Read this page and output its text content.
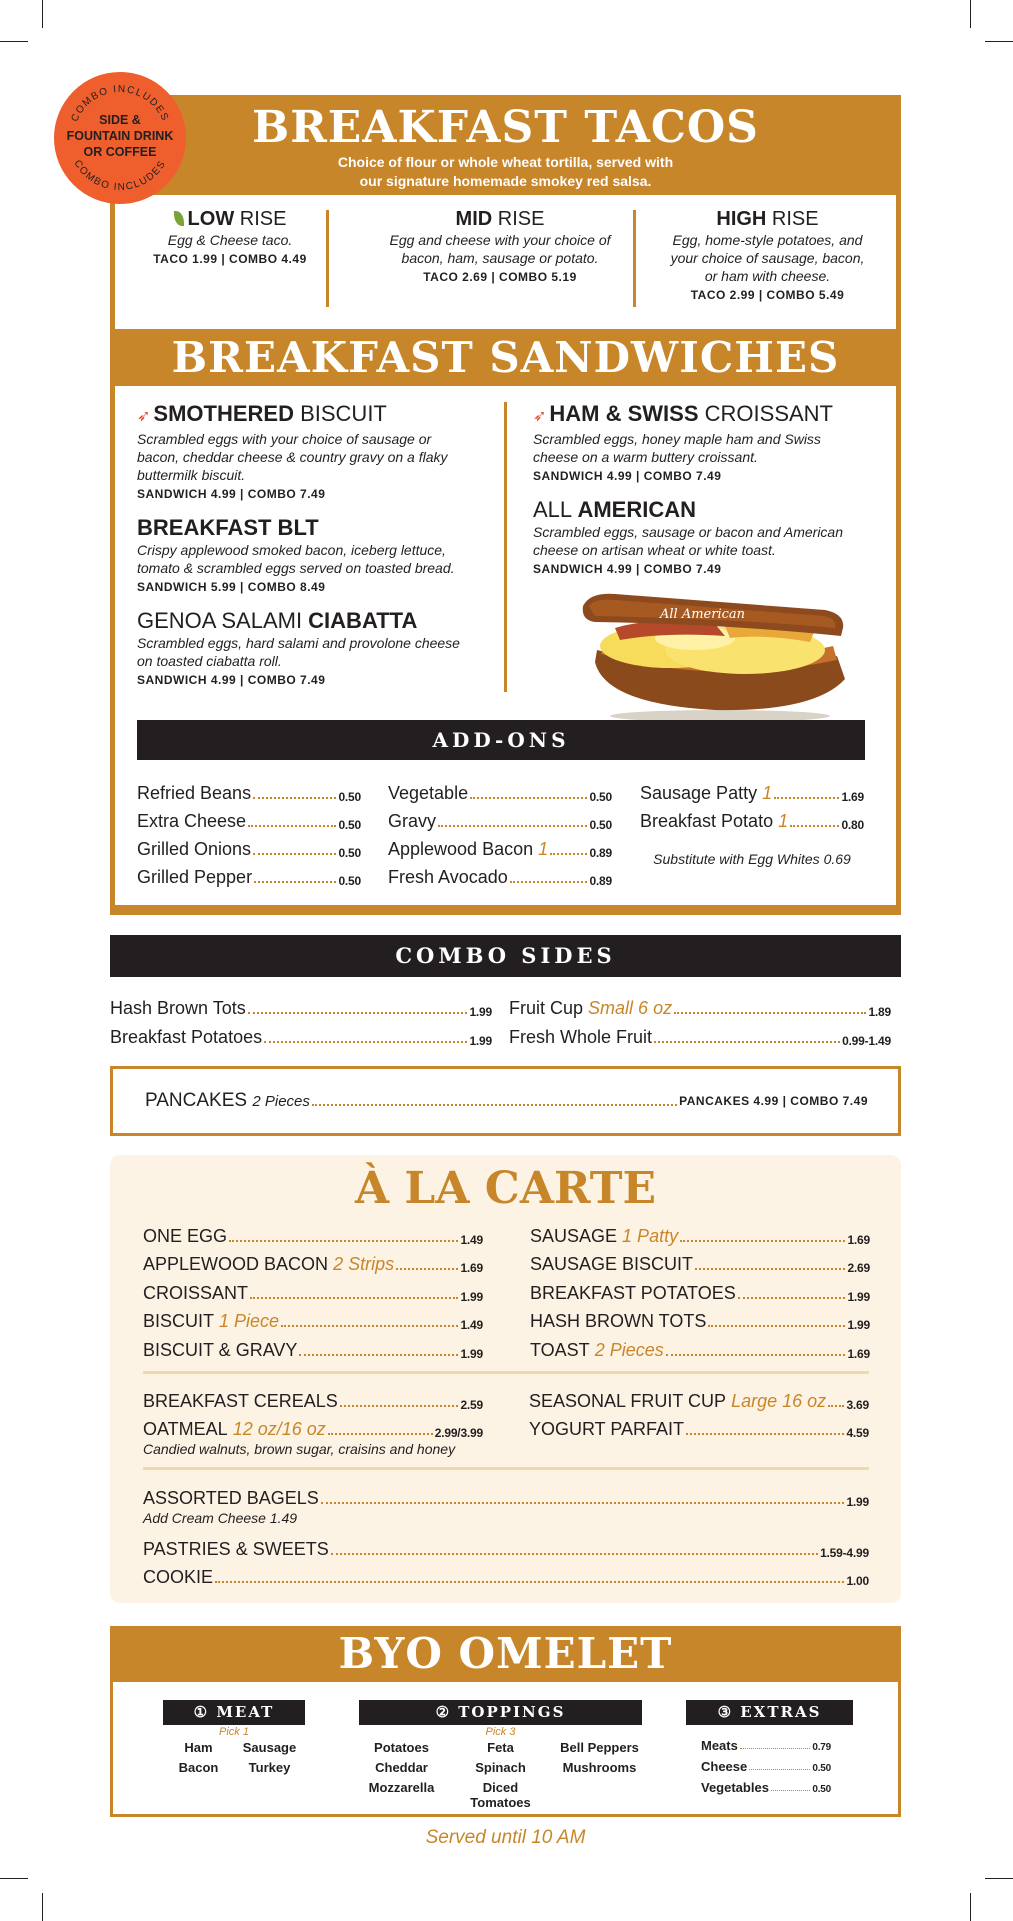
BREAKFAST TACOS
Choice of flour or whole wheat tortilla, served with
our signature homemade smokey red salsa.
COMBO INCLUDES
COMBO INCLUDES
SIDE &
FOUNTAIN DRINK
OR COFFEE
LOW RISE
Egg & Cheese taco.
TACO 1.99 | COMBO 4.49
MID RISE
Egg and cheese with your choice of
bacon, ham, sausage or potato.
TACO 2.69 | COMBO 5.19
HIGH RISE
Egg, home-style potatoes, and
your choice of sausage, bacon,
or ham with cheese.
TACO 2.99 | COMBO 5.49
BREAKFAST SANDWICHES
➶ SMOTHERED BISCUIT
Scrambled eggs with your choice of sausage or
bacon, cheddar cheese & country gravy on a flaky
buttermilk biscuit.
SANDWICH 4.99 | COMBO 7.49
BREAKFAST BLT
Crispy applewood smoked bacon, iceberg lettuce,
tomato & scrambled eggs served on toasted bread.
SANDWICH 5.99 | COMBO 8.49
GENOA SALAMI CIABATTA
Scrambled eggs, hard salami and provolone cheese
on toasted ciabatta roll.
SANDWICH 4.99 | COMBO 7.49
➶ HAM & SWISS CROISSANT
Scrambled eggs, honey maple ham and Swiss
cheese on a warm buttery croissant.
SANDWICH 4.99 | COMBO 7.49
ALL AMERICAN
Scrambled eggs, sausage or bacon and American
cheese on artisan wheat or white toast.
SANDWICH 4.99 | COMBO 7.49
All American
ADD-ONS
Refried Beans	0.50
Extra Cheese	0.50
Grilled Onions	0.50
Grilled Pepper	0.50
Vegetable	0.50
Gravy	0.50
Applewood Bacon
1	0.89
Fresh Avocado	0.89
Sausage Patty
1	1.69
Breakfast Potato
1	0.80
Substitute with Egg Whites 0.69
COMBO SIDES
Hash Brown Tots	1.99
Breakfast Potatoes	1.99
Fruit Cup
Small 6 oz	1.89
Fresh Whole Fruit	0.99-1.49
PANCAKES
2 Pieces	PANCAKES 4.99 | COMBO 7.49
À LA CARTE
ONE EGG	1.49
APPLEWOOD BACON
2 Strips	1.69
CROISSANT	1.99
BISCUIT
1 Piece	1.49
BISCUIT & GRAVY	1.99
SAUSAGE
1 Patty	1.69
SAUSAGE BISCUIT	2.69
BREAKFAST POTATOES	1.99
HASH BROWN TOTS	1.99
TOAST
2 Pieces	1.69
BREAKFAST CEREALS	2.59
OATMEAL
12 oz/16 oz	2.99/3.99
Candied walnuts, brown sugar, craisins and honey
SEASONAL FRUIT CUP
Large 16 oz 3.69
YOGURT PARFAIT	4.59
ASSORTED BAGELS	1.99
Add Cream Cheese 1.49
PASTRIES & SWEETS	1.59-4.99
COOKIE	1.00
BYO OMELET
① MEAT
Pick 1
Ham	Sausage
Bacon	Turkey
② TOPPINGS
Pick 3
Potatoes	Feta	Bell Peppers
Cheddar	Spinach	Mushrooms
Mozzarella	Diced Tomatoes
③ EXTRAS
Meats	0.79
Cheese	0.50
Vegetables	0.50
Served until 10 AM
